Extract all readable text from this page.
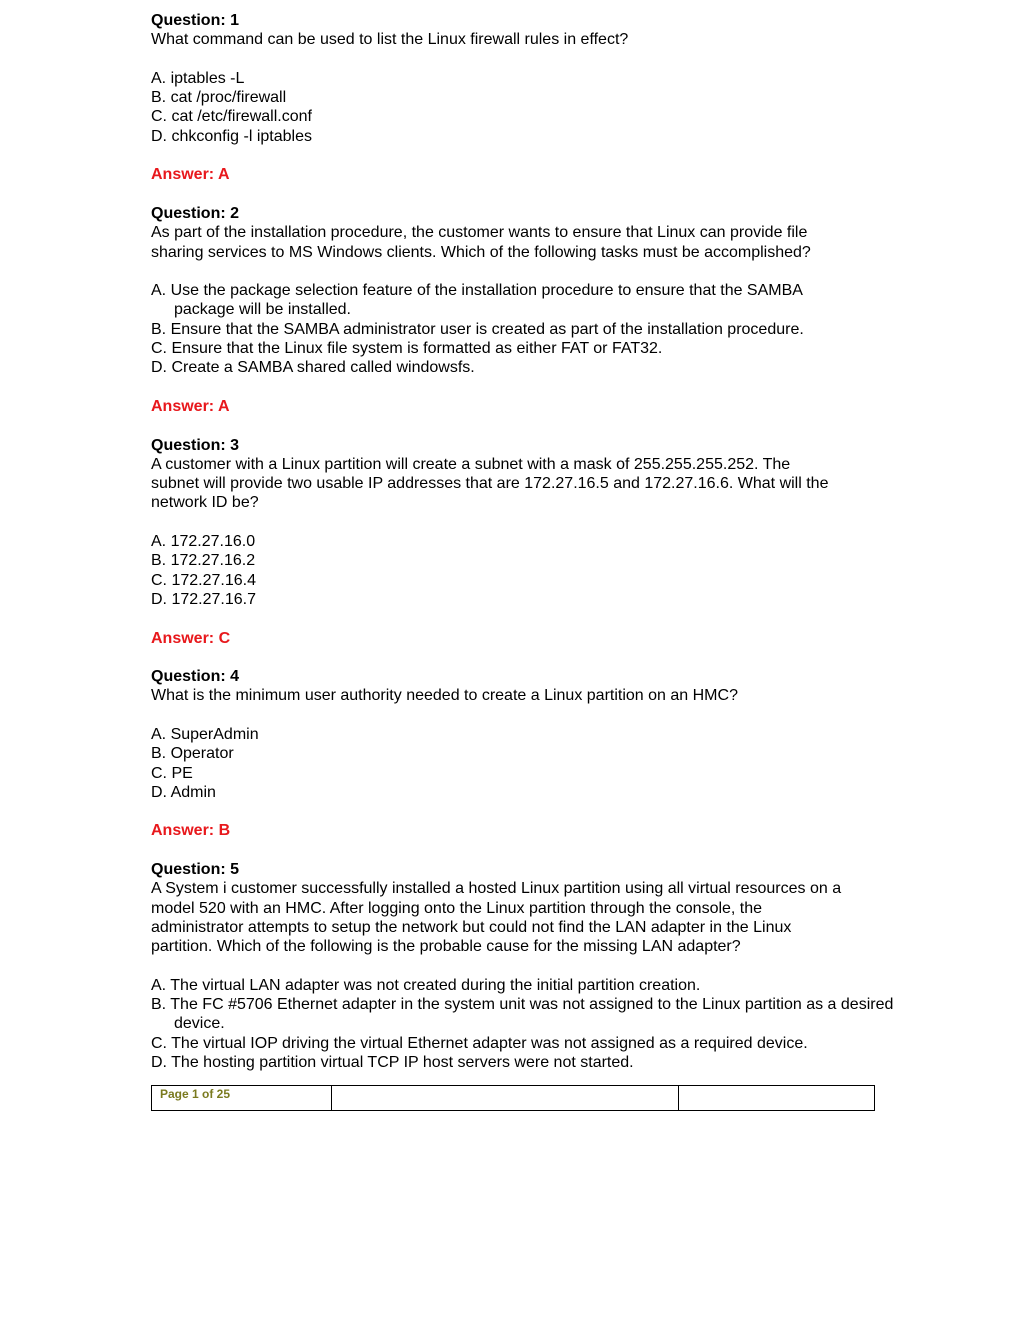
Question: 1
What command can be used to list the Linux firewall rules in effect?
A. iptables -L
B. cat /proc/firewall
C. cat /etc/firewall.conf
D. chkconfig -l iptables
Answer: A
Question: 2
As part of the installation procedure, the customer wants to ensure that Linux can provide file
sharing services to MS Windows clients. Which of the following tasks must be accomplished?
A. Use the package selection feature of the installation procedure to ensure that the SAMBA package will be installed.
B. Ensure that the SAMBA administrator user is created as part of the installation procedure.
C. Ensure that the Linux file system is formatted as either FAT or FAT32.
D. Create a SAMBA shared called windowsfs.
Answer: A
Question: 3
A customer with a Linux partition will create a subnet with a mask of 255.255.255.252. The
subnet will provide two usable IP addresses that are 172.27.16.5 and 172.27.16.6. What will the
network ID be?
A. 172.27.16.0
B. 172.27.16.2
C. 172.27.16.4
D. 172.27.16.7
Answer: C
Question: 4
What is the minimum user authority needed to create a Linux partition on an HMC?
A. SuperAdmin
B. Operator
C. PE
D. Admin
Answer: B
Question: 5
A System i customer successfully installed a hosted Linux partition using all virtual resources on a
model 520 with an HMC. After logging onto the Linux partition through the console, the
administrator attempts to setup the network but could not find the LAN adapter in the Linux
partition. Which of the following is the probable cause for the missing LAN adapter?
A. The virtual LAN adapter was not created during the initial partition creation.
B. The FC #5706 Ethernet adapter in the system unit was not assigned to the Linux partition as a desired device.
C. The virtual IOP driving the virtual Ethernet adapter was not assigned as a required device.
D. The hosting partition virtual TCP IP host servers were not started.
Page 1 of 25
